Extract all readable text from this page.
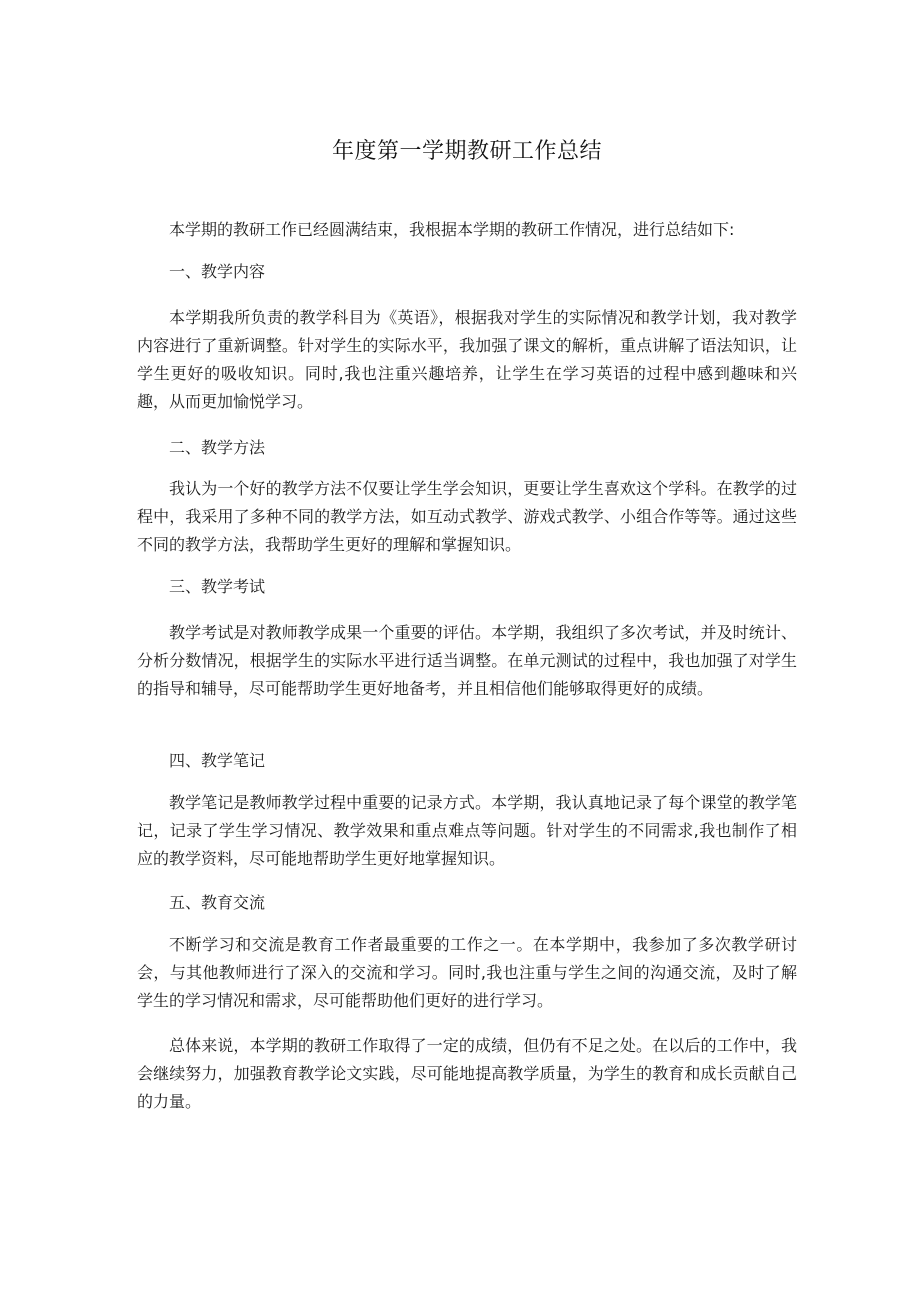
年度第一学期教研工作总结

本学期的教研工作已经圆满结束，我根据本学期的教研工作情况，进行总结如下:

一、教学内容

本学期我所负责的教学科目为《英语》，根据我对学生的实际情况和教学计划，我对教学内容进行了重新调整。针对学生的实际水平，我加强了课文的解析，重点讲解了语法知识，让学生更好的吸收知识。同时,我也注重兴趣培养，让学生在学习英语的过程中感到趣味和兴趣，从而更加愉悦学习。

二、教学方法

我认为一个好的教学方法不仅要让学生学会知识，更要让学生喜欢这个学科。在教学的过程中，我采用了多种不同的教学方法，如互动式教学、游戏式教学、小组合作等等。通过这些不同的教学方法，我帮助学生更好的理解和掌握知识。

三、教学考试

教学考试是对教师教学成果一个重要的评估。本学期，我组织了多次考试，并及时统计、分析分数情况，根据学生的实际水平进行适当调整。在单元测试的过程中，我也加强了对学生的指导和辅导，尽可能帮助学生更好地备考，并且相信他们能够取得更好的成绩。

四、教学笔记

教学笔记是教师教学过程中重要的记录方式。本学期，我认真地记录了每个课堂的教学笔记，记录了学生学习情况、教学效果和重点难点等问题。针对学生的不同需求,我也制作了相应的教学资料，尽可能地帮助学生更好地掌握知识。

五、教育交流

不断学习和交流是教育工作者最重要的工作之一。在本学期中，我参加了多次教学研讨会，与其他教师进行了深入的交流和学习。同时,我也注重与学生之间的沟通交流，及时了解学生的学习情况和需求，尽可能帮助他们更好的进行学习。

总体来说，本学期的教研工作取得了一定的成绩，但仍有不足之处。在以后的工作中，我会继续努力，加强教育教学论文实践，尽可能地提高教学质量，为学生的教育和成长贡献自己的力量。
